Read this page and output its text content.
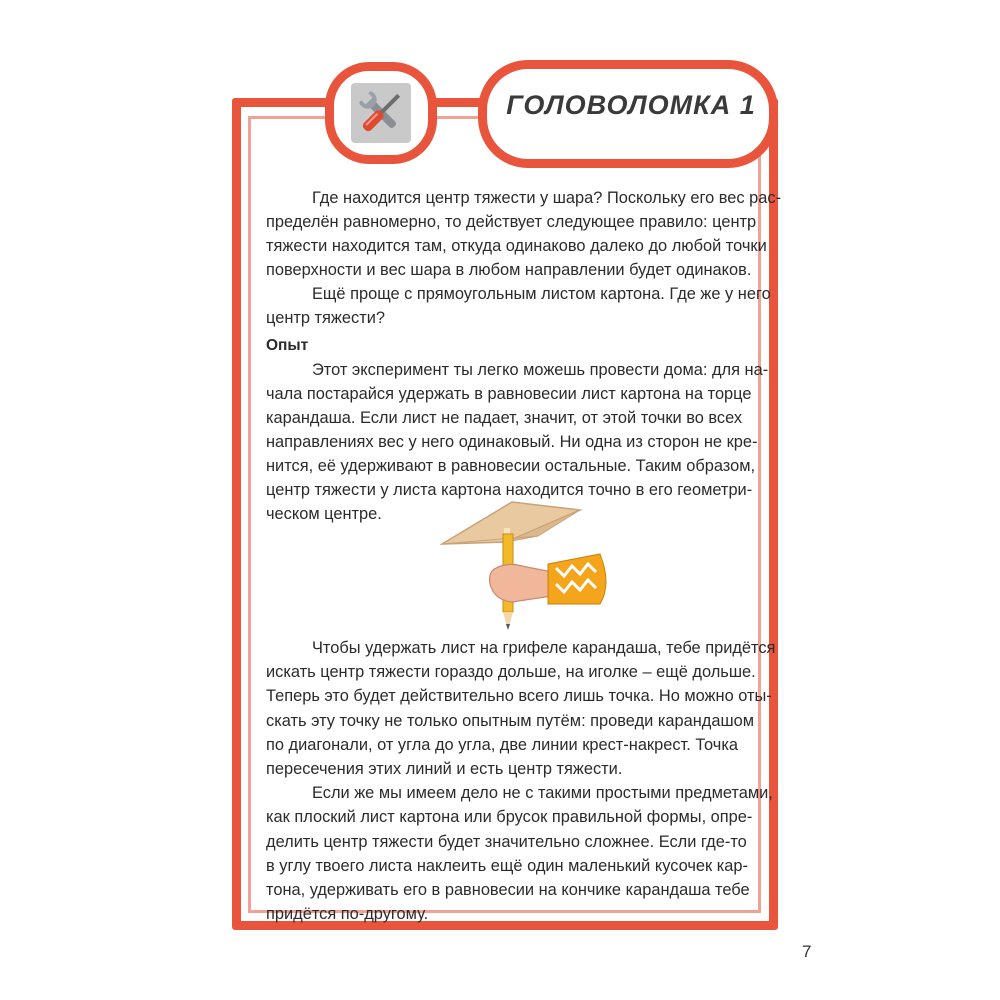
ГОЛОВОЛОМКА 1
Где находится центр тяжести у шара? Поскольку его вес рас-
пределён равномерно, то действует следующее правило: центр
тяжести находится там, откуда одинаково далеко до любой точки
поверхности и вес шара в любом направлении будет одинаков.
Ещё проще с прямоугольным листом картона. Где же у него
центр тяжести?
Опыт
Этот эксперимент ты легко можешь провести дома: для на-
чала постарайся удержать в равновесии лист картона на торце
карандаша. Если лист не падает, значит, от этой точки во всех
направлениях вес у него одинаковый. Ни одна из сторон не кре-
нится, её удерживают в равновесии остальные. Таким образом,
центр тяжести у листа картона находится точно в его геометри-
ческом центре.
Чтобы удержать лист на грифеле карандаша, тебе придётся
искать центр тяжести гораздо дольше, на иголке – ещё дольше.
Теперь это будет действительно всего лишь точка. Но можно оты-
скать эту точку не только опытным путём: проведи карандашом
по диагонали, от угла до угла, две линии крест-накрест. Точка
пересечения этих линий и есть центр тяжести.
Если же мы имеем дело не с такими простыми предметами,
как плоский лист картона или брусок правильной формы, опре-
делить центр тяжести будет значительно сложнее. Если где-то
в углу твоего листа наклеить ещё один маленький кусочек кар-
тона, удерживать его в равновесии на кончике карандаша тебе
придётся по-другому.
7
